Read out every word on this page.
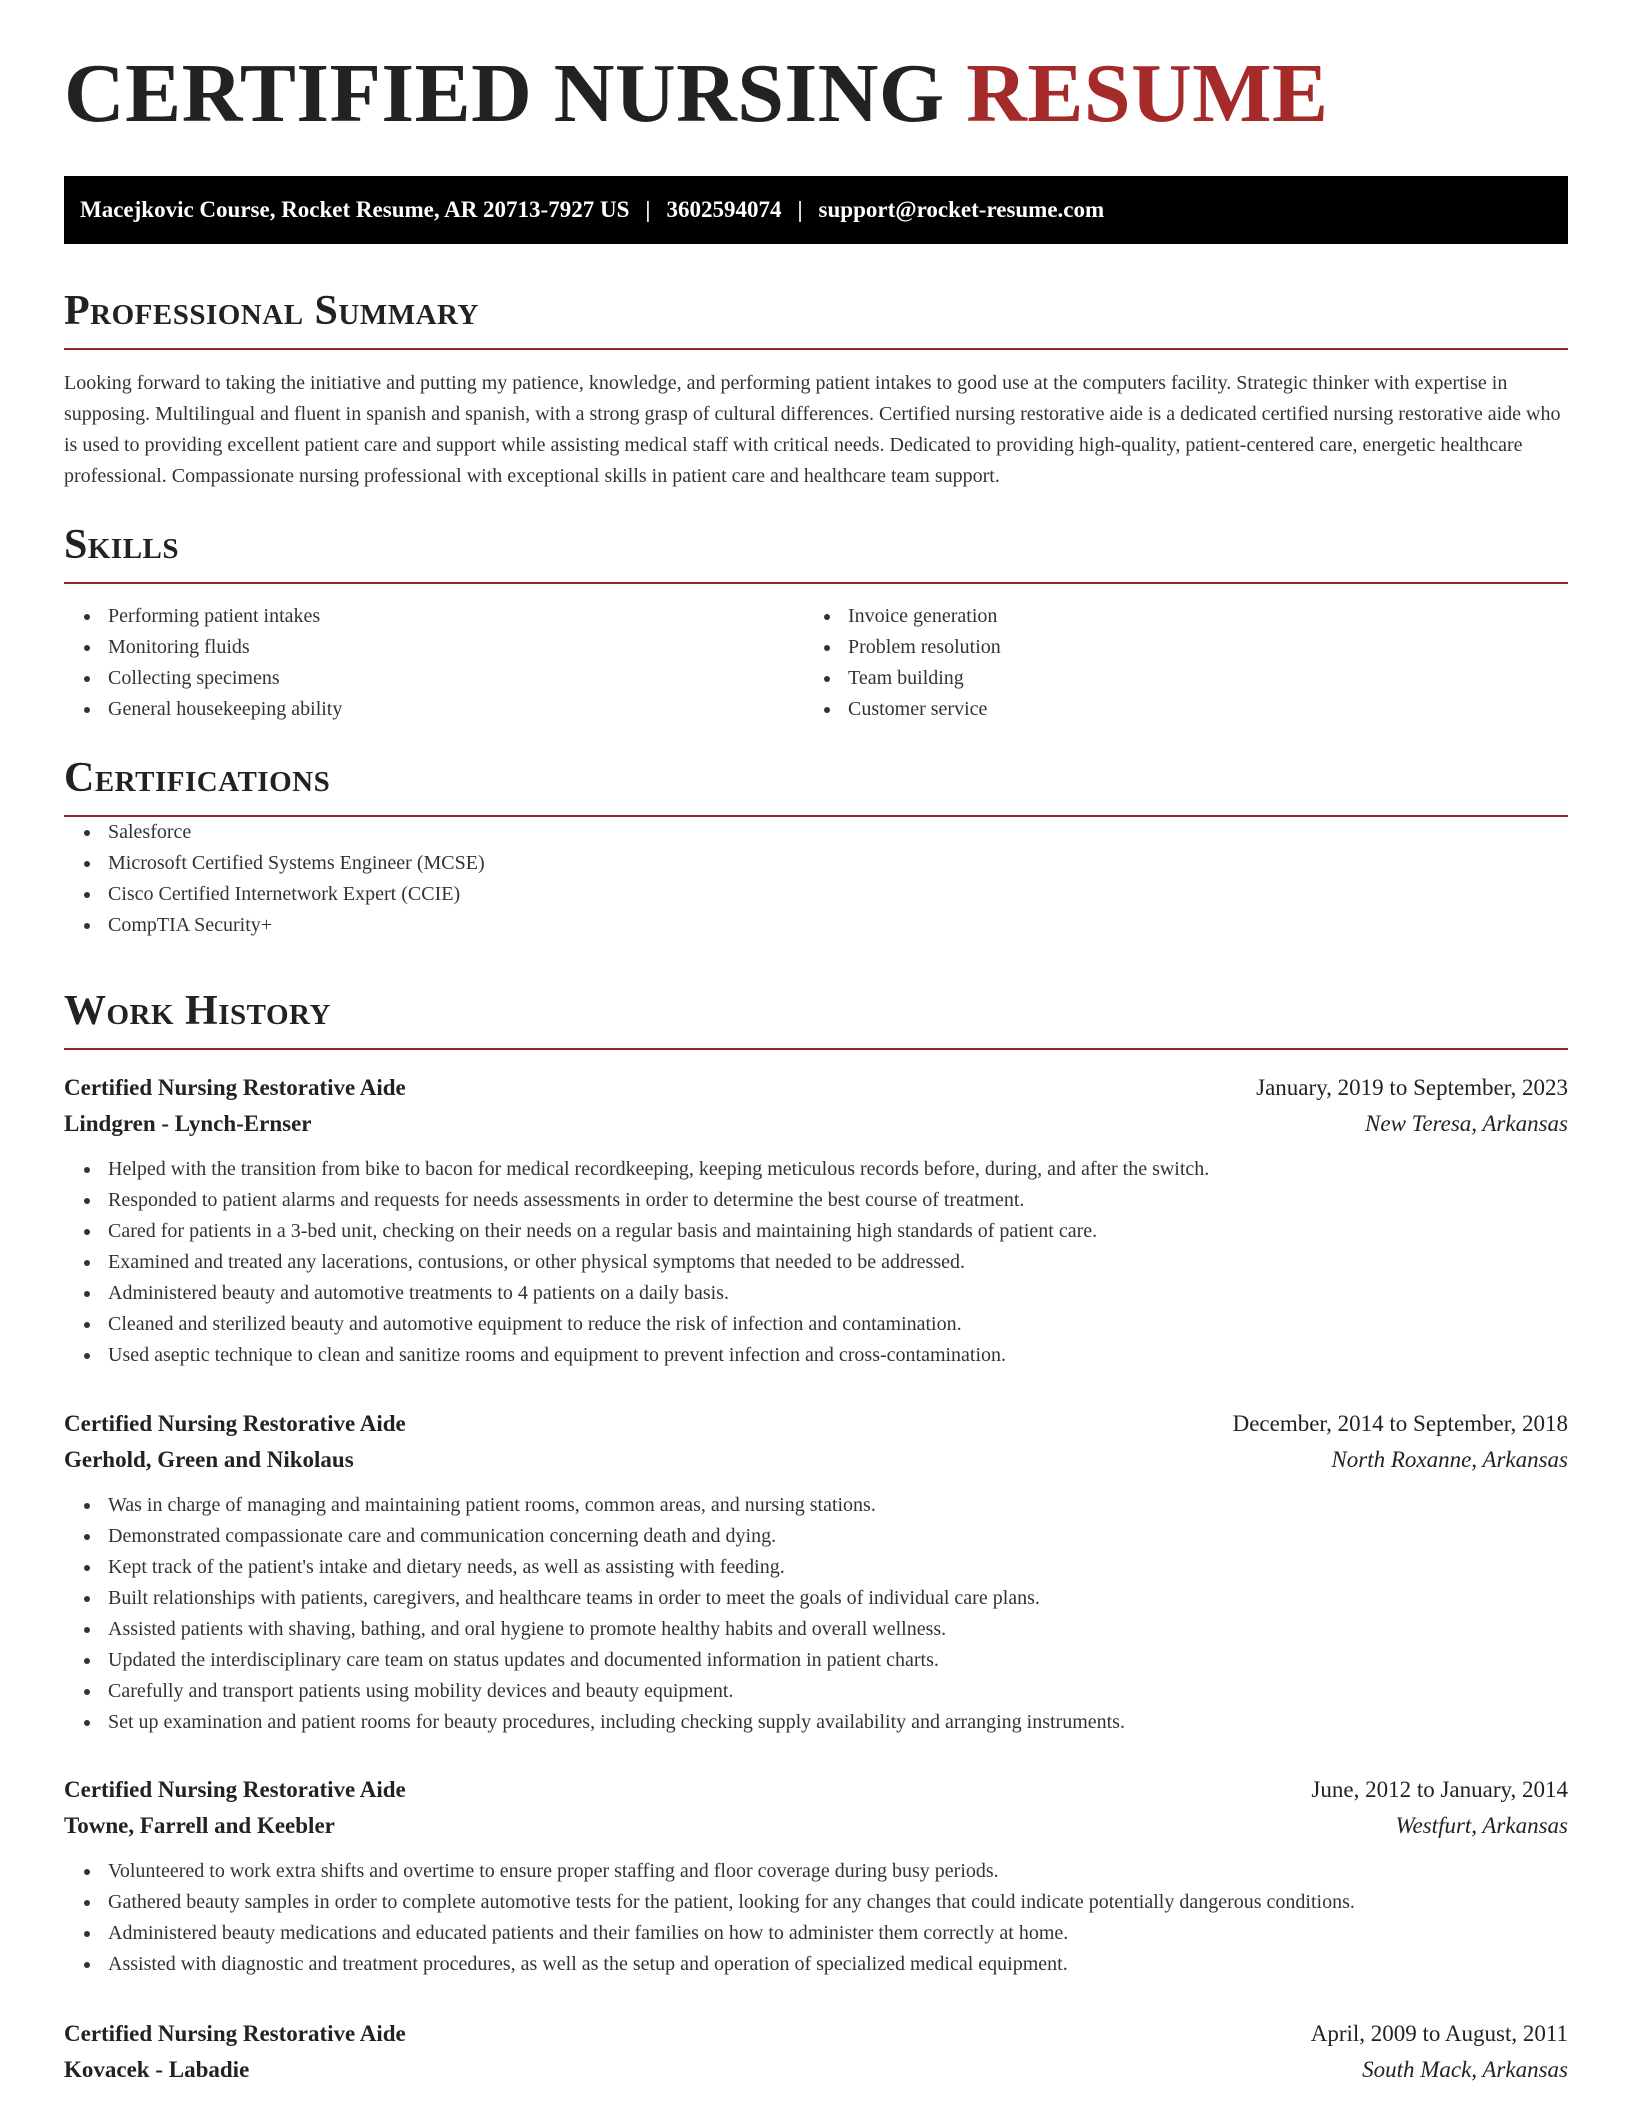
CERTIFIED NURSING RESUME
Macejkovic Course, Rocket Resume, AR 20713-7927 US | 3602594074 | support@rocket-resume.com
Professional Summary

Looking forward to taking the initiative and putting my patience, knowledge, and performing patient intakes to good use at the computers facility. Strategic thinker with expertise in supposing. Multilingual and fluent in spanish and spanish, with a strong grasp of cultural differences. Certified nursing restorative aide is a dedicated certified nursing restorative aide who is used to providing excellent patient care and support while assisting medical staff with critical needs. Dedicated to providing high-quality, patient-centered care, energetic healthcare professional. Compassionate nursing professional with exceptional skills in patient care and healthcare team support.

Skills
Performing patient intakes
Monitoring fluids
Collecting specimens
General housekeeping ability
Invoice generation
Problem resolution
Team building
Customer service
Certifications
Salesforce
Microsoft Certified Systems Engineer (MCSE)
Cisco Certified Internetwork Expert (CCIE)
CompTIA Security+
Work History
Certified Nursing Restorative Aide	January, 2019 to September, 2023
Lindgren - Lynch-Ernser	New Teresa, Arkansas
Helped with the transition from bike to bacon for medical recordkeeping, keeping meticulous records before, during, and after the switch.
Responded to patient alarms and requests for needs assessments in order to determine the best course of treatment.
Cared for patients in a 3-bed unit, checking on their needs on a regular basis and maintaining high standards of patient care.
Examined and treated any lacerations, contusions, or other physical symptoms that needed to be addressed.
Administered beauty and automotive treatments to 4 patients on a daily basis.
Cleaned and sterilized beauty and automotive equipment to reduce the risk of infection and contamination.
Used aseptic technique to clean and sanitize rooms and equipment to prevent infection and cross-contamination.
Certified Nursing Restorative Aide	December, 2014 to September, 2018
Gerhold, Green and Nikolaus	North Roxanne, Arkansas
Was in charge of managing and maintaining patient rooms, common areas, and nursing stations.
Demonstrated compassionate care and communication concerning death and dying.
Kept track of the patient's intake and dietary needs, as well as assisting with feeding.
Built relationships with patients, caregivers, and healthcare teams in order to meet the goals of individual care plans.
Assisted patients with shaving, bathing, and oral hygiene to promote healthy habits and overall wellness.
Updated the interdisciplinary care team on status updates and documented information in patient charts.
Carefully and transport patients using mobility devices and beauty equipment.
Set up examination and patient rooms for beauty procedures, including checking supply availability and arranging instruments.
Certified Nursing Restorative Aide	June, 2012 to January, 2014
Towne, Farrell and Keebler	Westfurt, Arkansas
Volunteered to work extra shifts and overtime to ensure proper staffing and floor coverage during busy periods.
Gathered beauty samples in order to complete automotive tests for the patient, looking for any changes that could indicate potentially dangerous conditions.
Administered beauty medications and educated patients and their families on how to administer them correctly at home.
Assisted with diagnostic and treatment procedures, as well as the setup and operation of specialized medical equipment.
Certified Nursing Restorative Aide	April, 2009 to August, 2011
Kovacek - Labadie	South Mack, Arkansas
